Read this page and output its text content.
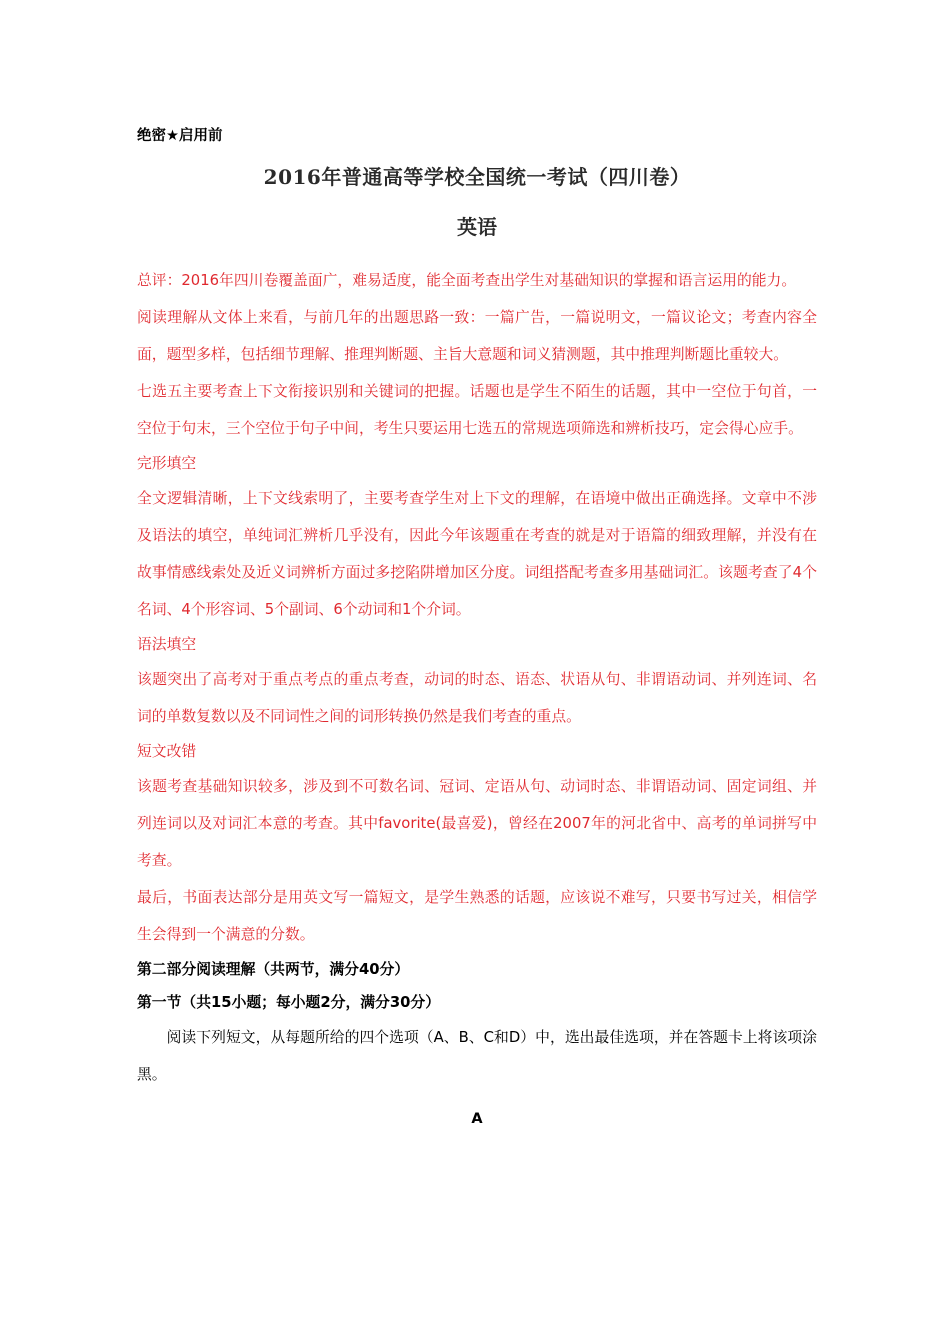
绝密★启用前

2016年普通高等学校全国统一考试（四川卷）
英语

总评：2016年四川卷覆盖面广，难易适度，能全面考查出学生对基础知识的掌握和语言运用的能力。

阅读理解从文体上来看，与前几年的出题思路一致：一篇广告，一篇说明文，一篇议论文；考查内容全面，题型多样，包括细节理解、推理判断题、主旨大意题和词义猜测题，其中推理判断题比重较大。

七选五主要考查上下文衔接识别和关键词的把握。话题也是学生不陌生的话题，其中一空位于句首，一空位于句末，三个空位于句子中间，考生只要运用七选五的常规选项筛选和辨析技巧，定会得心应手。

完形填空

全文逻辑清晰，上下文线索明了，主要考查学生对上下文的理解，在语境中做出正确选择。文章中不涉及语法的填空，单纯词汇辨析几乎没有，因此今年该题重在考查的就是对于语篇的细致理解，并没有在故事情感线索处及近义词辨析方面过多挖陷阱增加区分度。词组搭配考查多用基础词汇。该题考查了4个名词、4个形容词、5个副词、6个动词和1个介词。

语法填空

该题突出了高考对于重点考点的重点考查，动词的时态、语态、状语从句、非谓语动词、并列连词、名词的单数复数以及不同词性之间的词形转换仍然是我们考查的重点。

短文改错

该题考查基础知识较多，涉及到不可数名词、冠词、定语从句、动词时态、非谓语动词、固定词组、并列连词以及对词汇本意的考查。其中favorite(最喜爱)，曾经在2007年的河北省中、高考的单词拼写中考查。

最后，书面表达部分是用英文写一篇短文，是学生熟悉的话题，应该说不难写，只要书写过关，相信学生会得到一个满意的分数。

第二部分阅读理解（共两节，满分40分）

第一节（共15小题；每小题2分，满分30分）

阅读下列短文，从每题所给的四个选项（A、B、C和D）中，选出最佳选项，并在答题卡上将该项涂黑。

A
